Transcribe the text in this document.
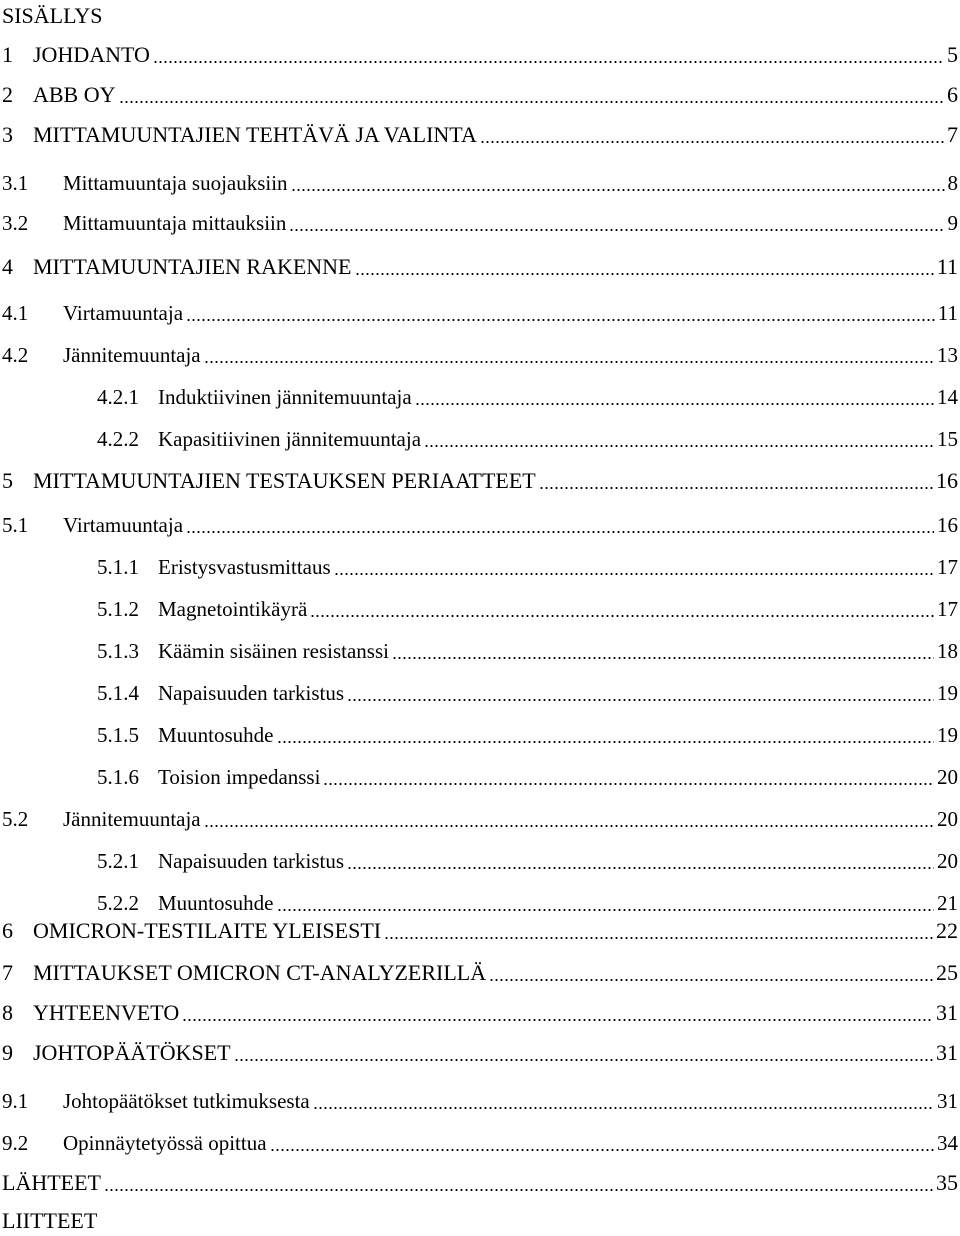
SISÄLLYS
1 JOHDANTO	5
2 ABB OY	6
3 MITTAMUUNTAJIEN TEHTÄVÄ JA VALINTA	7
3.1	Mittamuuntaja suojauksiin	8
3.2	Mittamuuntaja mittauksiin	9
4 MITTAMUUNTAJIEN RAKENNE	11
4.1	Virtamuuntaja	11
4.2	Jännitemuuntaja	13
4.2.1 Induktiivinen jännitemuuntaja	14
4.2.2 Kapasitiivinen jännitemuuntaja	15
5 MITTAMUUNTAJIEN TESTAUKSEN PERIAATTEET	16
5.1	Virtamuuntaja	16
5.1.1 Eristysvastusmittaus	17
5.1.2 Magnetointikäyrä	17
5.1.3 Käämin sisäinen resistanssi	18
5.1.4 Napaisuuden tarkistus	19
5.1.5 Muuntosuhde	19
5.1.6 Toision impedanssi	20
5.2	Jännitemuuntaja	20
5.2.1 Napaisuuden tarkistus	20
5.2.2 Muuntosuhde	21
6 OMICRON-TESTILAITE YLEISESTI	22
7 MITTAUKSET OMICRON CT-ANALYZERILLÄ	25
8 YHTEENVETO	31
9 JOHTOPÄÄTÖKSET	31
9.1	Johtopäätökset tutkimuksesta	31
9.2	Opinnäytetyössä opittua	34
LÄHTEET	35
LIITTEET
